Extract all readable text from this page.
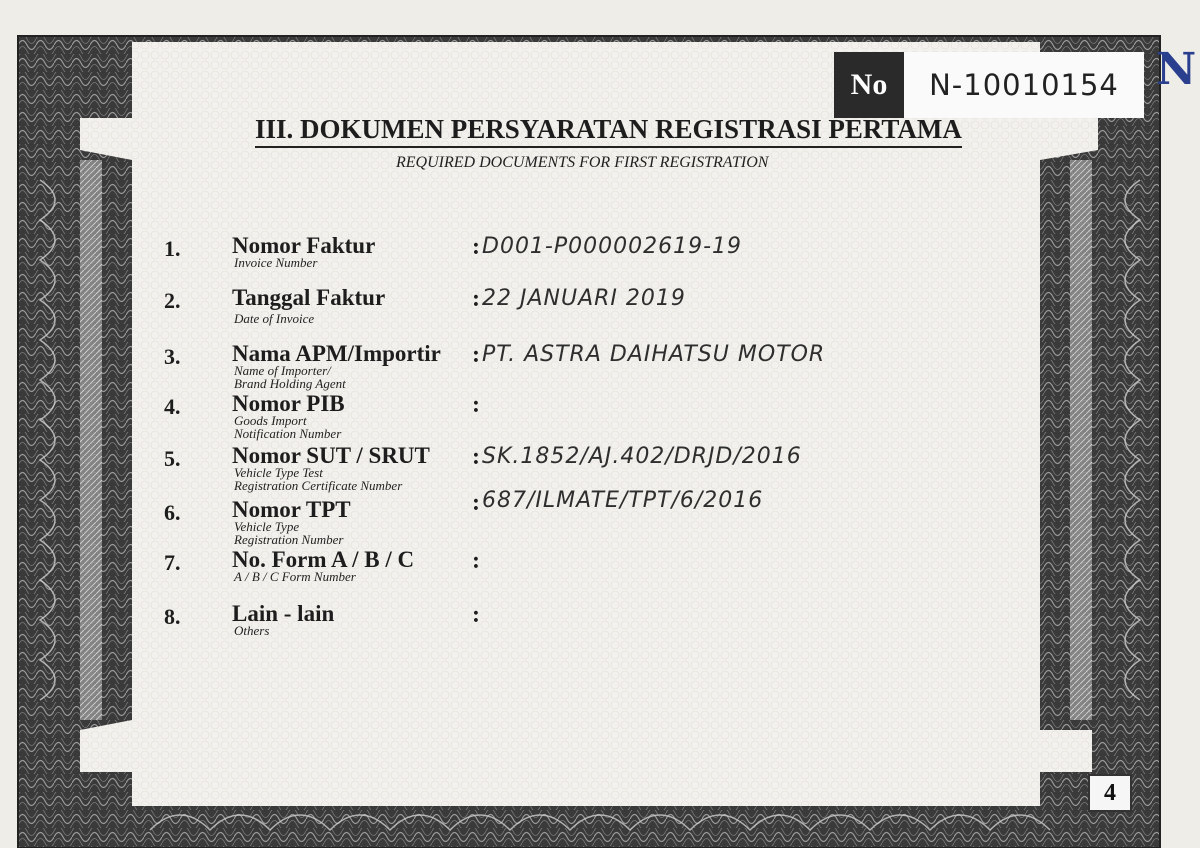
No	N-10010154 N
III. DOKUMEN PERSYARATAN REGISTRASI PERTAMA
REQUIRED DOCUMENTS FOR FIRST REGISTRATION
1. Nomor Faktur
Invoice Number
: D001-P000002619-19
2. Tanggal Faktur
Date of Invoice
: 22 JANUARI 2019
3. Nama APM/Importir
Name of Importer/
Brand Holding Agent
: PT. ASTRA DAIHATSU MOTOR
4. Nomor PIB
Goods Import
Notification Number
:
5. Nomor SUT / SRUT
Vehicle Type Test
Registration Certificate Number
: SK.1852/AJ.402/DRJD/2016
6. Nomor TPT
Vehicle Type
Registration Number
: 687/ILMATE/TPT/6/2016
7. No. Form A / B / C
A / B / C Form Number
:
8. Lain - lain
Others
:
4
